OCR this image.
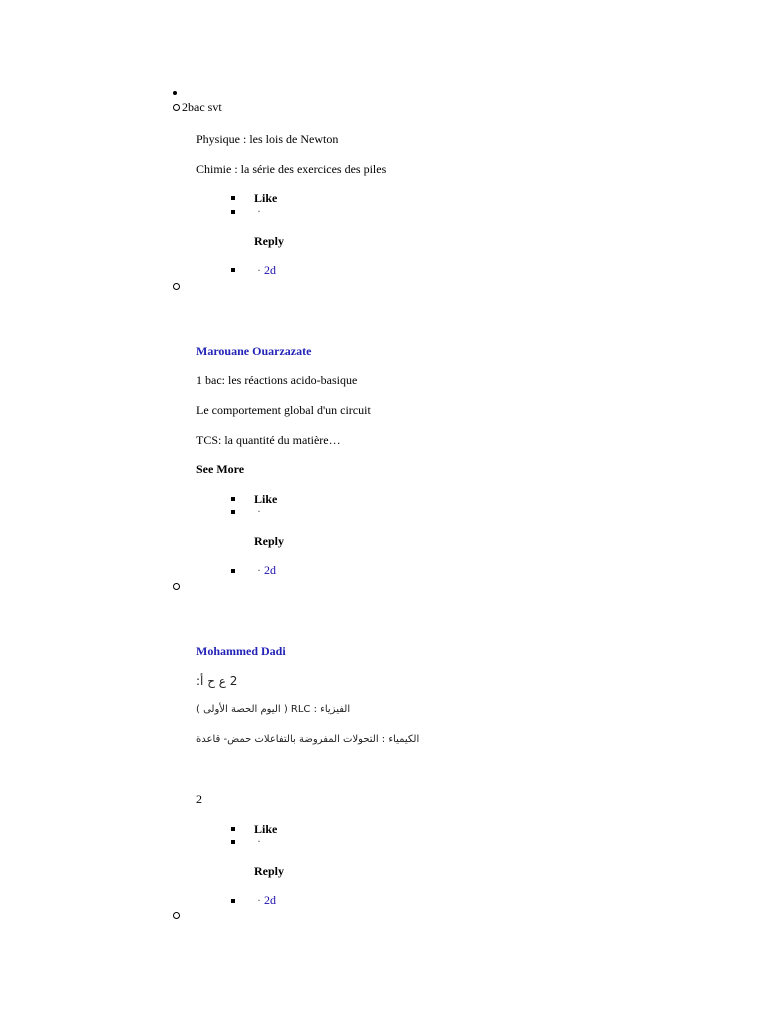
2bac svt
Physique : les lois de Newton
Chimie : la série des exercices des piles
Like
·
Reply
· 2d
Marouane Ouarzazate
1 bac: les réactions acido-basique
Le comportement global d'un circuit
TCS: la quantité du matière…
See More
Like
·
Reply
· 2d
Mohammed Dadi
2 ع ح أ:
الفيزياء : RLC ( اليوم الحصة الأولى )
الكيمياء : التحولات المفروضة بالتفاعلات حمض- قاعدة
2
Like
·
Reply
· 2d
